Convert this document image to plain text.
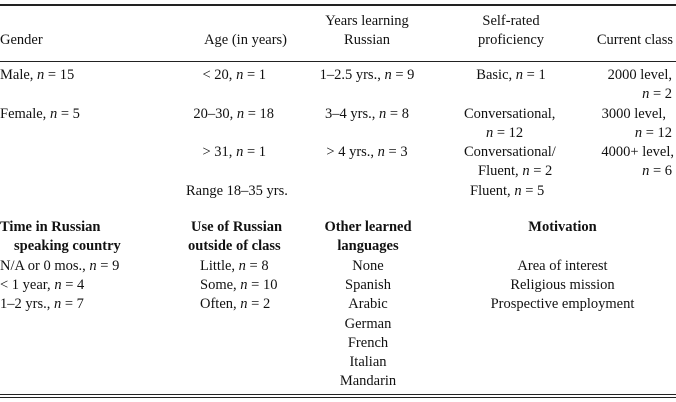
Gender	Age (in years)
Years learning
Russian
Self-rated
proficiency	Current class
Male, n = 15
Female, n = 5
< 20, n = 1
20–30, n = 18
> 31, n = 1
Range 18–35 yrs.
1–2.5 yrs., n = 9
3–4 yrs., n = 8
> 4 yrs., n = 3
Basic, n = 1
Conversational,
n = 12
Conversational/
Fluent, n = 2
Fluent, n = 5
2000 level,
n = 2
3000 level,
n = 12
4000+ level,
n = 6
Time in Russian
speaking country
Use of Russian
outside of class
Other learned
languages
Motivation
N/A or 0 mos., n = 9
< 1 year, n = 4
1–2 yrs., n = 7
Little, n = 8
Some, n = 10
Often, n = 2
None
Spanish
Arabic
German
French
Italian
Mandarin
Area of interest
Religious mission
Prospective employment
